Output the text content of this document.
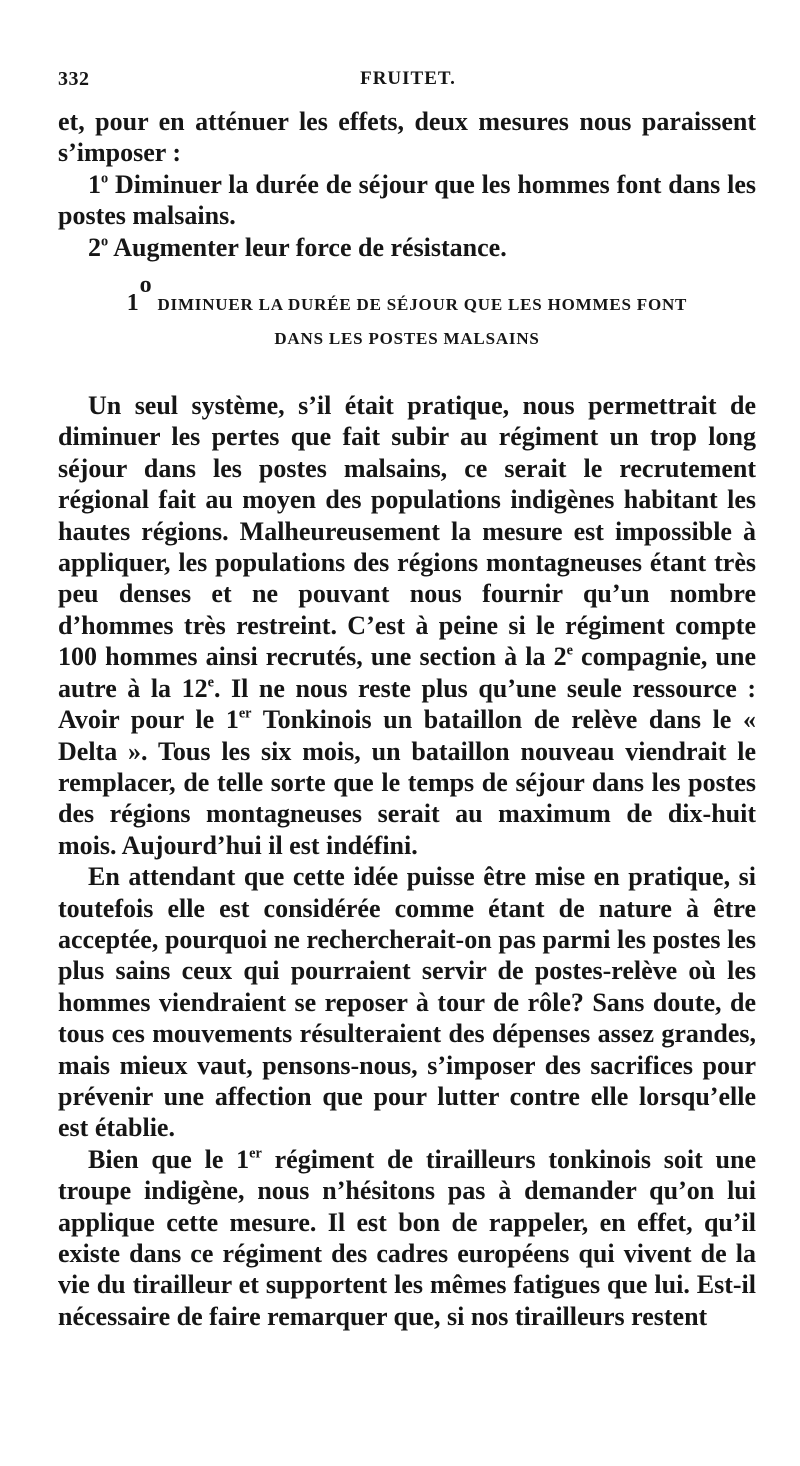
332	FRUITET.

et, pour en atténuer les effets, deux mesures nous paraissent s’imposer :

1$^o$ Diminuer la durée de séjour que les hommes font dans les postes malsains.

2$^o$ Augmenter leur force de résistance.

1$^o$ DIMINUER LA DURÉE DE SÉJOUR QUE LES HOMMES FONT
DANS LES POSTES MALSAINS

Un seul système, s’il était pratique, nous permettrait de diminuer les pertes que fait subir au régiment un trop long séjour dans les postes malsains, ce serait le recrutement régional fait au moyen des populations indigènes habitant les hautes régions. Malheureusement la mesure est impossible à appliquer, les populations des régions montagneuses étant très peu denses et ne pouvant nous fournir qu’un nombre d’hommes très restreint. C’est à peine si le régiment compte 100 hommes ainsi recrutés, une section à la 2e compagnie, une autre à la 12e. Il ne nous reste plus qu’une seule ressource : Avoir pour le 1er Tonkinois un bataillon de relève dans le « Delta ». Tous les six mois, un bataillon nouveau viendrait le remplacer, de telle sorte que le temps de séjour dans les postes des régions montagneuses serait au maximum de dix-huit mois. Aujourd’hui il est indéfini.

En attendant que cette idée puisse être mise en pratique, si toutefois elle est considérée comme étant de nature à être acceptée, pourquoi ne rechercherait-on pas parmi les postes les plus sains ceux qui pourraient servir de postes-relève où les hommes viendraient se reposer à tour de rôle? Sans doute, de tous ces mouvements résulteraient des dépenses assez grandes, mais mieux vaut, pensons-nous, s’imposer des sacrifices pour prévenir une affection que pour lutter contre elle lorsqu’elle est établie.

Bien que le 1er régiment de tirailleurs tonkinois soit une troupe indigène, nous n’hésitons pas à demander qu’on lui applique cette mesure. Il est bon de rappeler, en effet, qu’il existe dans ce régiment des cadres européens qui vivent de la vie du tirailleur et supportent les mêmes fatigues que lui. Est-il nécessaire de faire remarquer que, si nos tirailleurs restent
